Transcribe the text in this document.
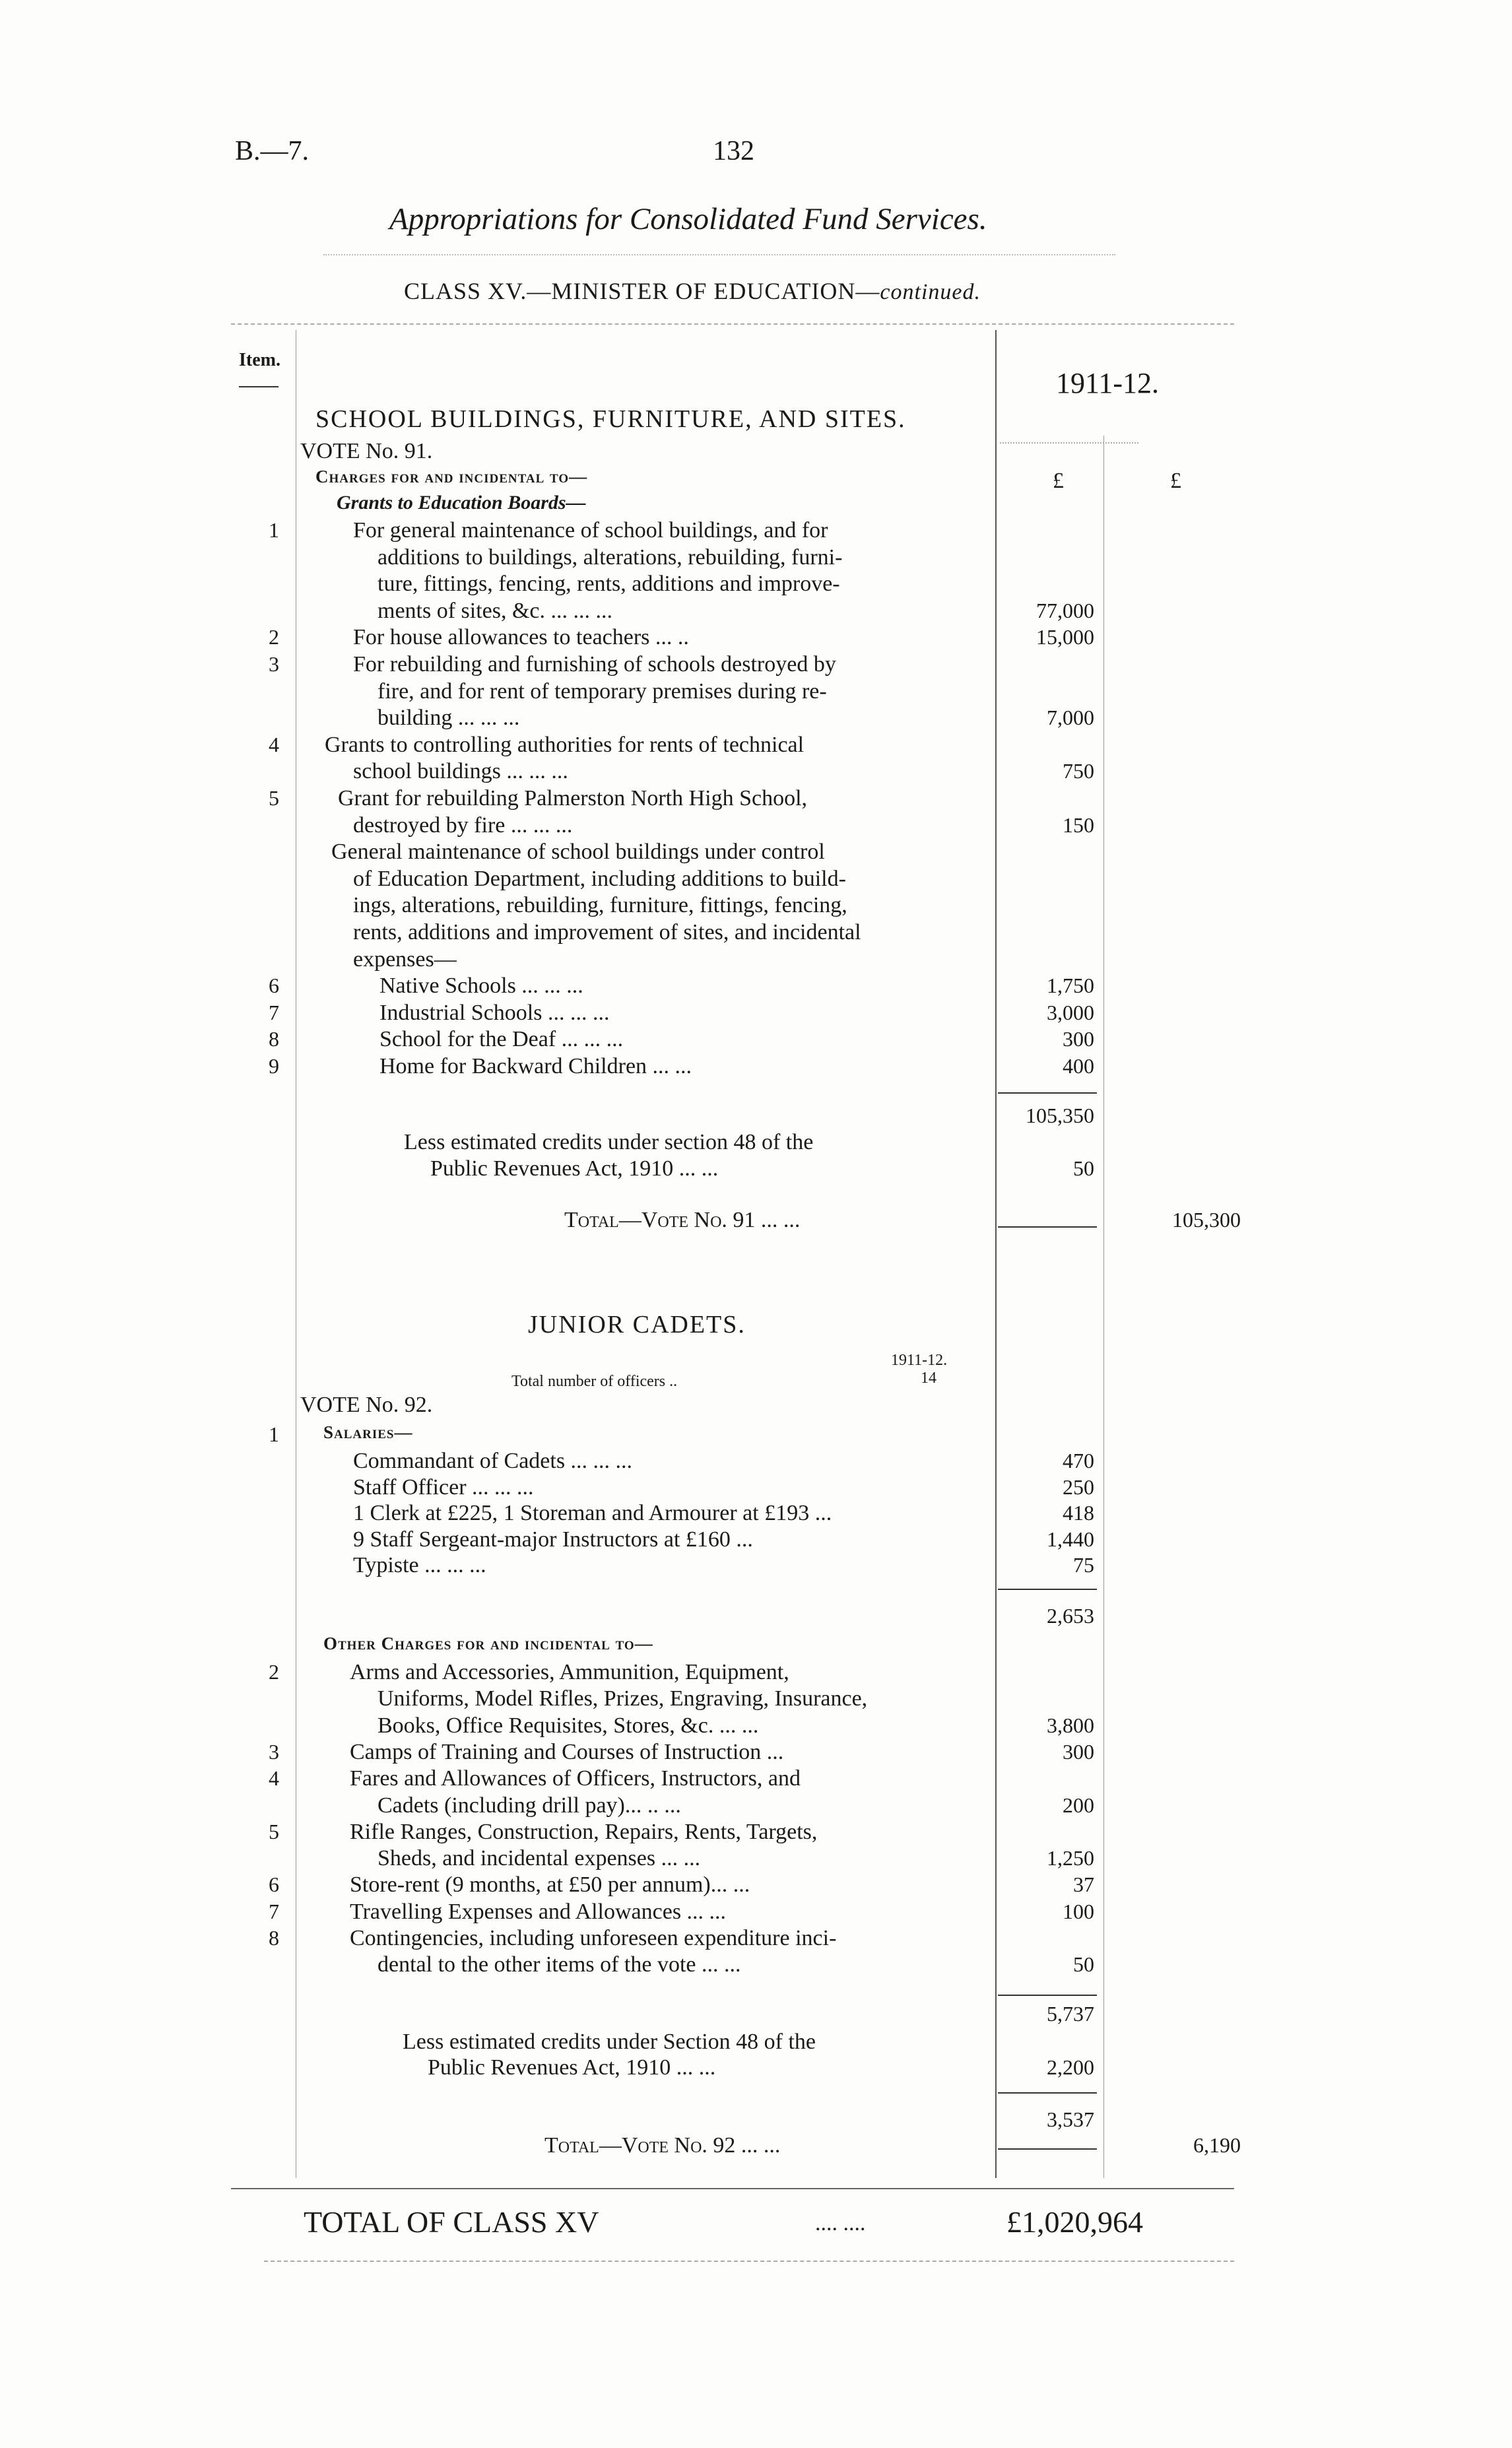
B.—7.	132
Appropriations for Consolidated Fund Services.
CLASS XV.—MINISTER OF EDUCATION—continued.
Item.
1911-12.
£	£
SCHOOL BUILDINGS, FURNITURE, AND SITES.
VOTE No. 91.
Charges for and incidental to—
Grants to Education Boards—
1	For general maintenance of school buildings, and for
additions to buildings, alterations, rebuilding, furni-
ture, fittings, fencing, rents, additions and improve-
ments of sites, &c. ... ... ...	77,000
2	For house allowances to teachers ... ..	15,000
3	For rebuilding and furnishing of schools destroyed by
fire, and for rent of temporary premises during re-
building ... ... ...	7,000
4	Grants to controlling authorities for rents of technical
school buildings ... ... ...	750
5	Grant for rebuilding Palmerston North High School,
destroyed by fire ... ... ...	150
General maintenance of school buildings under control
of Education Department, including additions to build-
ings, alterations, rebuilding, furniture, fittings, fencing,
rents, additions and improvement of sites, and incidental
expenses—
6	Native Schools ... ... ...	1,750
7	Industrial Schools ... ... ...	3,000
8	School for the Deaf ... ... ...	300
9	Home for Backward Children ... ...	400
105,350
Less estimated credits under section 48 of the
Public Revenues Act, 1910 ... ...	50
Total—Vote No. 91 ... ...	105,300
JUNIOR CADETS.
1911-12.
Total number of officers ..	14
VOTE No. 92.
1	Salaries—
Commandant of Cadets ... ... ...	470
Staff Officer ... ... ...	250
1 Clerk at £225, 1 Storeman and Armourer at £193 ...	418
9 Staff Sergeant-major Instructors at £160 ...	1,440
Typiste ... ... ...	75
2,653
Other Charges for and incidental to—
2	Arms and Accessories, Ammunition, Equipment,
Uniforms, Model Rifles, Prizes, Engraving, Insurance,
Books, Office Requisites, Stores, &c. ... ...	3,800
3	Camps of Training and Courses of Instruction ...	300
4	Fares and Allowances of Officers, Instructors, and
Cadets (including drill pay)... .. ...	200
5	Rifle Ranges, Construction, Repairs, Rents, Targets,
Sheds, and incidental expenses ... ...	1,250
6	Store-rent (9 months, at £50 per annum)... ...	37
7	Travelling Expenses and Allowances ... ...	100
8	Contingencies, including unforeseen expenditure inci-
dental to the other items of the vote ... ...	50
5,737
Less estimated credits under Section 48 of the
Public Revenues Act, 1910 ... ...	2,200
3,537
Total—Vote No. 92 ... ...	6,190
TOTAL OF CLASS XV	.... ....	£1,020,964
